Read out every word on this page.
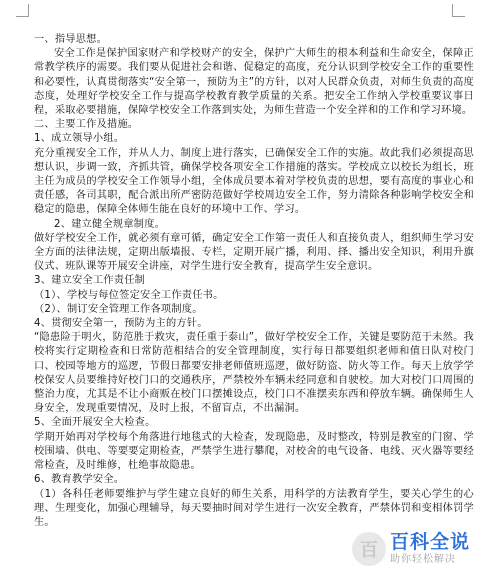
一、指导思想。

安全工作是保护国家财产和学校财产的安全，保护广大师生的根本利益和生命安全，保障正常教学秩序的需要。我们要从促进社会和谐、促稳定的高度，充分认识到学校安全工作的重要性和必要性，认真贯彻落实“安全第一，预防为主”的方针，以对人民群众负责，对师生负责的高度态度，处理好学校安全工作与提高学校教育教学质量的关系。把安全工作纳入学校重要议事日程，采取必要措施，保障学校安全工作落到实处，为师生营造一个安全祥和的工作和学习环境。

二、主要工作及措施。

1、成立领导小组。

充分重视安全工作，并从人力、制度上进行落实，已确保安全工作的实施。故此我们必须提高思想认识，步调一致，齐抓共管，确保学校各项安全工作措施的落实。学校成立以校长为组长，班主任为成员的学校安全工作领导小组，全体成员要本着对学校负责的思想，要有高度的事业心和责任感，各司其职，配合派出所严密防范做好学校周边安全工作，努力清除各种影响学校安全和稳定的隐患，保障全体师生能在良好的环境中工作、学习。

2、建立健全规章制度。

做好学校安全工作，就必须有章可循，确定安全工作第一责任人和直接负责人，组织师生学习安全方面的法律法规，定期出版墙报、专栏，定期开展广播，利用、择、播出安全知识，利用升旗仪式、班队课等开展安全讲座，对学生进行安全教育，提高学生安全意识。

3、建立安全工作责任制

（1）、学校与每位签定安全工作责任书。

（2）、制订安全管理工作各项制度。

4、贯彻安全第一，预防为主的方针。

“隐患险于明火，防范胜于救灾，责任重于泰山”，做好学校安全工作，关键是要防范于未然。我校将实行定期检查和日常防范相结合的安全管理制度，实行每日都要组织老师和值日队对校门口、校园等地方的巡逻，节假日都要安排老师值班巡逻，做好防盗、防火等工作。每天上放学学校保安人员要维持好校门口的交通秩序，严禁校外车辆未经同意和自驶校。加大对校门口周围的整治力度，尤其是不让小商贩在校门口摆摊设点，校门口不准摆卖东西和停放车辆。确保师生人身安全，发现重要情况，及时上报，不留盲点，不出漏洞。

5、全面开展安全大检查。

学期开始再对学校每个角落进行地毯式的大检查，发现隐患，及时整改，特别是教室的门窗、学校围墙、供电、等要要定期检查，严禁学生进行攀爬，对校舍的电气设备、电线、灭火器等要经常检查，及时维修，杜绝事故隐患。

6、教育教学安全。

（1）各科任老师要维护与学生建立良好的师生关系，用科学的方法教育学生，要关心学生的心理、生理变化，加强心理辅导，每天要抽时间对学生进行一次安全教育，严禁体罚和变相体罚学生。

百 百科全说
助你轻松解决
